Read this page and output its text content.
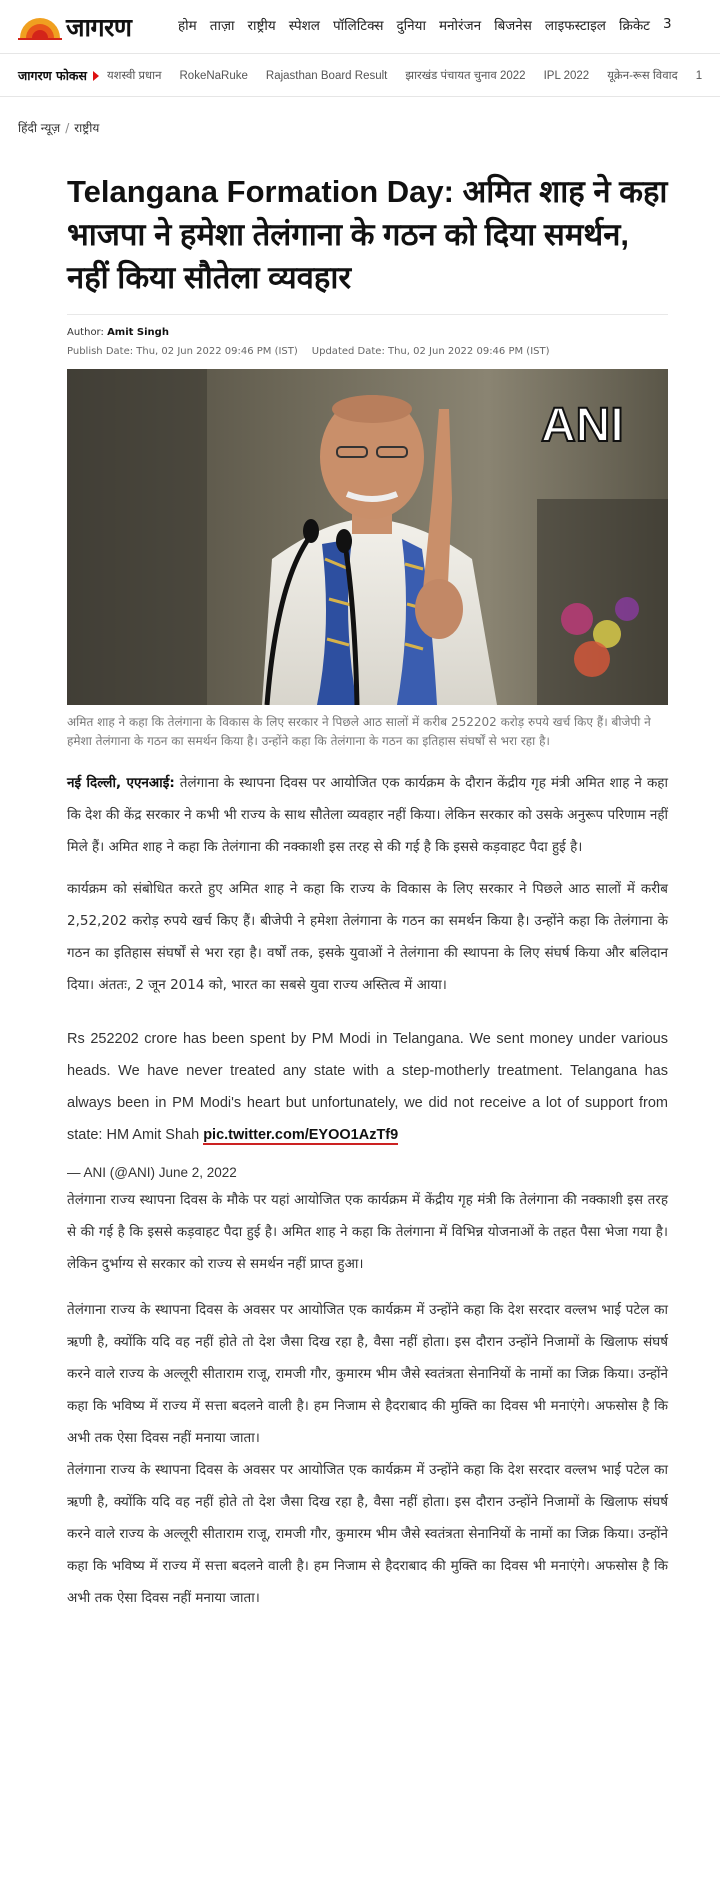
जागरण	होम ताज़ा राष्ट्रीय स्पेशल पॉलिटिक्स दुनिया मनोरंजन बिजनेस लाइफस्टाइल क्रिकेट 3
जागरण फोकस यशस्वी प्रधान RokeNaRuke Rajasthan Board Result झारखंड पंचायत चुनाव 2022 IPL 2022 यूक्रेन-रूस विवाद 1
हिंदी न्यूज़ / राष्ट्रीय
Telangana Formation Day: अमित शाह ने कहा भाजपा ने हमेशा तेलंगाना के गठन को दिया समर्थन, नहीं किया सौतेला व्यवहार
Author: Amit Singh
Publish Date: Thu, 02 Jun 2022 09:46 PM (IST) Updated Date: Thu, 02 Jun 2022 09:46 PM (IST)
ANI

अमित शाह ने कहा कि तेलंगाना के विकास के लिए सरकार ने पिछले आठ सालों में करीब 252202 करोड़ रुपये खर्च किए हैं। बीजेपी ने हमेशा तेलंगाना के गठन का समर्थन किया है। उन्होंने कहा कि तेलंगाना के गठन का इतिहास संघर्षों से भरा रहा है।

नई दिल्ली, एएनआई: तेलंगाना के स्थापना दिवस पर आयोजित एक कार्यक्रम के दौरान केंद्रीय गृह मंत्री अमित शाह ने कहा कि देश की केंद्र सरकार ने कभी भी राज्य के साथ सौतेला व्यवहार नहीं किया। लेकिन सरकार को उसके अनुरूप परिणाम नहीं मिले हैं। अमित शाह ने कहा कि तेलंगाना की नक्काशी इस तरह से की गई है कि इससे कड़वाहट पैदा हुई है।

कार्यक्रम को संबोधित करते हुए अमित शाह ने कहा कि राज्य के विकास के लिए सरकार ने पिछले आठ सालों में करीब 2,52,202 करोड़ रुपये खर्च किए हैं। बीजेपी ने हमेशा तेलंगाना के गठन का समर्थन किया है। उन्होंने कहा कि तेलंगाना के गठन का इतिहास संघर्षों से भरा रहा है। वर्षों तक, इसके युवाओं ने तेलंगाना की स्थापना के लिए संघर्ष किया और बलिदान दिया। अंततः, 2 जून 2014 को, भारत का सबसे युवा राज्य अस्तित्व में आया।

Rs 252202 crore has been spent by PM Modi in Telangana. We sent money under various heads. We have never treated any state with a step-motherly treatment. Telangana has always been in PM Modi's heart but unfortunately, we did not receive a lot of support from state: HM Amit Shah pic.twitter.com/EYOO1AzTf9

— ANI (@ANI) June 2, 2022

तेलंगाना राज्य स्थापना दिवस के मौके पर यहां आयोजित एक कार्यक्रम में केंद्रीय गृह मंत्री कि तेलंगाना की नक्काशी इस तरह से की गई है कि इससे कड़वाहट पैदा हुई है। अमित शाह ने कहा कि तेलंगाना में विभिन्न योजनाओं के तहत पैसा भेजा गया है। लेकिन दुर्भाग्य से सरकार को राज्य से समर्थन नहीं प्राप्त हुआ।

तेलंगाना राज्य के स्थापना दिवस के अवसर पर आयोजित एक कार्यक्रम में उन्होंने कहा कि देश सरदार वल्लभ भाई पटेल का ऋणी है, क्योंकि यदि वह नहीं होते तो देश जैसा दिख रहा है, वैसा नहीं होता। इस दौरान उन्होंने निजामों के खिलाफ संघर्ष करने वाले राज्य के अल्लूरी सीताराम राजू, रामजी गौर, कुमारम भीम जैसे स्वतंत्रता सेनानियों के नामों का जिक्र किया। उन्होंने कहा कि भविष्य में राज्य में सत्ता बदलने वाली है। हम निजाम से हैदराबाद की मुक्ति का दिवस भी मनाएंगे। अफसोस है कि अभी तक ऐसा दिवस नहीं मनाया जाता।

तेलंगाना राज्य के स्थापना दिवस के अवसर पर आयोजित एक कार्यक्रम में उन्होंने कहा कि देश सरदार वल्लभ भाई पटेल का ऋणी है, क्योंकि यदि वह नहीं होते तो देश जैसा दिख रहा है, वैसा नहीं होता। इस दौरान उन्होंने निजामों के खिलाफ संघर्ष करने वाले राज्य के अल्लूरी सीताराम राजू, रामजी गौर, कुमारम भीम जैसे स्वतंत्रता सेनानियों के नामों का जिक्र किया। उन्होंने कहा कि भविष्य में राज्य में सत्ता बदलने वाली है। हम निजाम से हैदराबाद की मुक्ति का दिवस भी मनाएंगे। अफसोस है कि अभी तक ऐसा दिवस नहीं मनाया जाता।
